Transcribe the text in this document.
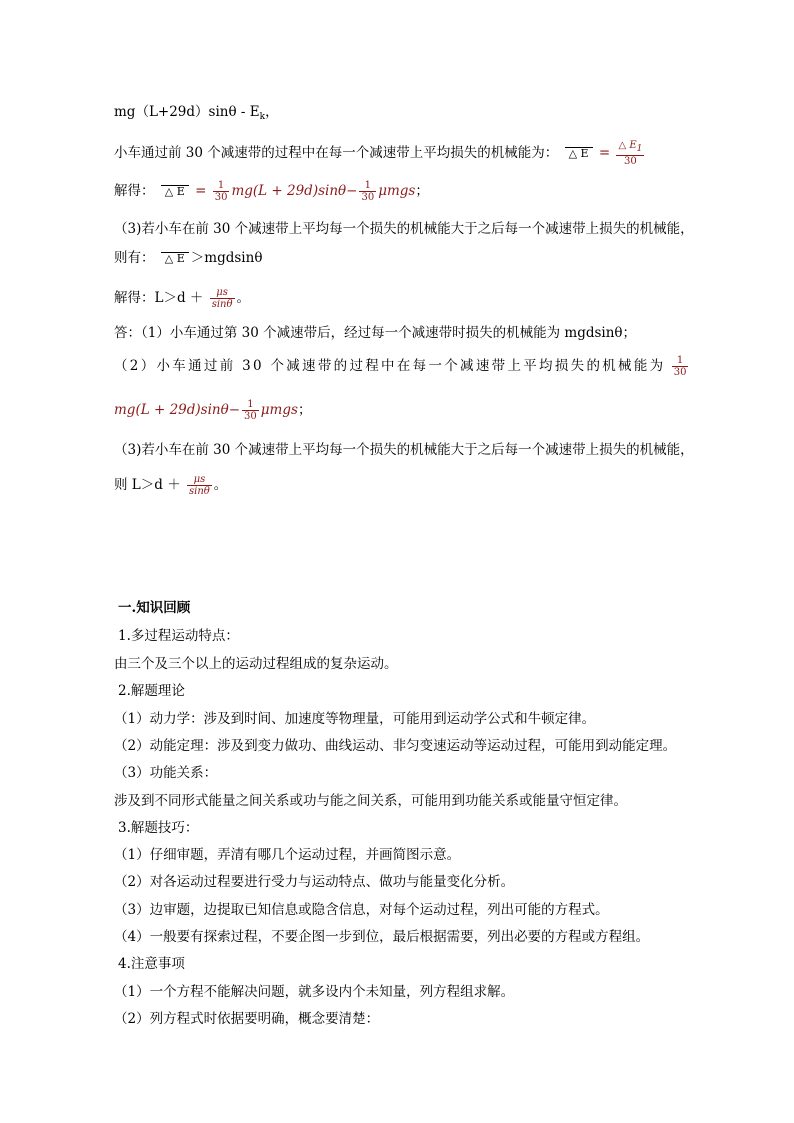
$mg(L+29d)\sin\theta - E_k$，
小车通过前 30 个减速带的过程中在每一个减速带上平均损失的机械能为： △ $E = \frac{\triangle E1}{30}$
解得： △ $E = \frac{1}{30} mg(L + 29d)\sin\theta- \frac{1}{30}$ μmgs；
（3)若小车在前 30 个减速带上平均每一个损失的机械能大于之后每一个减速带上损失的机械能，
则有： △ E ＞mgdsinθ
解得：$L>d + \frac{\mu s}{\sin\theta}$ 。
答：（1）小车通过第 30 个减速带后，经过每一个减速带时损失的机械能为 mgdsinθ；
（2）小车通过前 30 个减速带的过程中在每一个减速带上平均损失的机械能为 $\frac{1}{30}$
$mg(L + 29d)\sin\theta- \frac{1}{30}$ μmgs；
（3)若小车在前 30 个减速带上平均每一个损失的机械能大于之后每一个减速带上损失的机械能，
则 $L>d + \frac{\mu s}{\sin\theta}$ 。
一.知识回顾
1.多过程运动特点：
由三个及三个以上的运动过程组成的复杂运动。
2.解题理论
（1）动力学：涉及到时间、加速度等物理量，可能用到运动学公式和牛顿定律。
（2）动能定理：涉及到变力做功、曲线运动、非匀变速运动等运动过程，可能用到动能定理。
（3）功能关系：
涉及到不同形式能量之间关系或功与能之间关系，可能用到功能关系或能量守恒定律。
3.解题技巧：
（1）仔细审题，弄清有哪几个运动过程，并画简图示意。
（2）对各运动过程要进行受力与运动特点、做功与能量变化分析。
（3）边审题，边提取已知信息或隐含信息，对每个运动过程，列出可能的方程式。
（4）一般要有探索过程，不要企图一步到位，最后根据需要，列出必要的方程或方程组。
4.注意事项
（1）一个方程不能解决问题，就多设内个未知量，列方程组求解。
（2）列方程式时依据要明确，概念要清楚：
